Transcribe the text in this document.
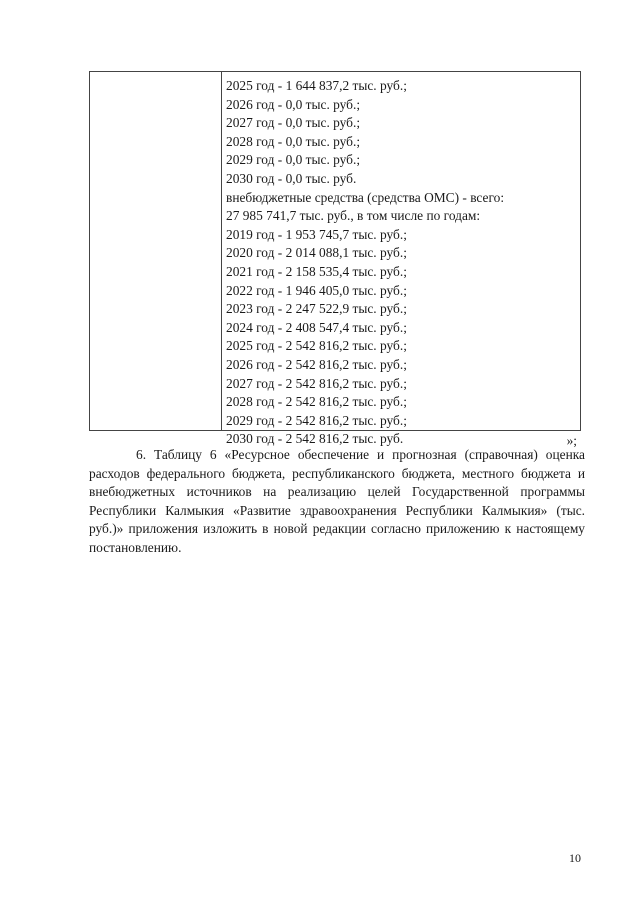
2025 год - 1 644 837,2 тыс. руб.;
2026 год - 0,0 тыс. руб.;
2027 год - 0,0 тыс. руб.;
2028 год - 0,0 тыс. руб.;
2029 год - 0,0 тыс. руб.;
2030 год - 0,0 тыс. руб.
внебюджетные средства (средства ОМС) - всего:
27 985 741,7 тыс. руб., в том числе по годам:
2019 год - 1 953 745,7 тыс. руб.;
2020 год - 2 014 088,1 тыс. руб.;
2021 год - 2 158 535,4 тыс. руб.;
2022 год - 1 946 405,0 тыс. руб.;
2023 год - 2 247 522,9 тыс. руб.;
2024 год - 2 408 547,4 тыс. руб.;
2025 год - 2 542 816,2 тыс. руб.;
2026 год - 2 542 816,2 тыс. руб.;
2027 год - 2 542 816,2 тыс. руб.;
2028 год - 2 542 816,2 тыс. руб.;
2029 год - 2 542 816,2 тыс. руб.;
2030 год - 2 542 816,2 тыс. руб.	»;

6. Таблицу 6 «Ресурсное обеспечение и прогнозная (справочная) оценка расходов федерального бюджета, республиканского бюджета, местного бюджета и внебюджетных источников на реализацию целей Государственной программы Республики Калмыкия «Развитие здравоохранения Республики Калмыкия» (тыс. руб.)» приложения изложить в новой редакции согласно приложению к настоящему постановлению.

10
